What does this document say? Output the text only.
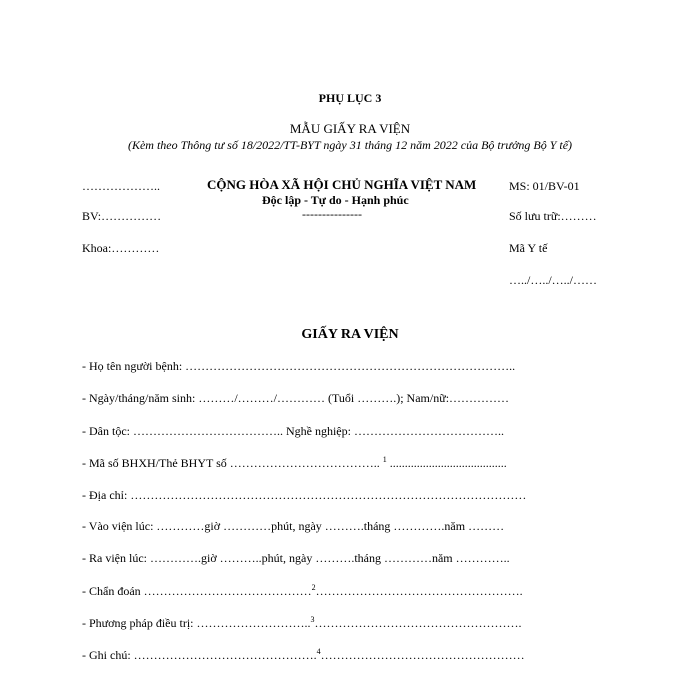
PHỤ LỤC 3
MẪU GIẤY RA VIỆN
(Kèm theo Thông tư số 18/2022/TT-BYT ngày 31 tháng 12 năm 2022 của Bộ trưởng Bộ Y tế)
………………..
BV:……………
Khoa:…………
CỘNG HÒA XÃ HỘI CHỦ NGHĨA VIỆT NAM
Độc lập - Tự do - Hạnh phúc
---------------
MS: 01/BV-01
Số lưu trữ:………
Mã Y tế
…../…../…../……
GIẤY RA VIỆN
- Họ tên người bệnh: ………………………………………………………………………..
- Ngày/tháng/năm sinh: ………/………/………… (Tuổi ……….); Nam/nữ:……………
- Dân tộc: ……………………………….. Nghề nghiệp: ………………………………..
- Mã số BHXH/Thẻ BHYT số ……………………………….. $^1$ .......................................
- Địa chỉ: ………………………………………………………………………………………
- Vào viện lúc: …………giờ …………phút, ngày ……….tháng ………….năm ………
- Ra viện lúc: ………….giờ ………..phút, ngày ……….tháng …………năm …………..
- Chẩn đoán ……………………………………$^2$…………………………………………….
- Phương pháp điều trị: ………………………..$^3$…………………………………………….
- Ghi chú: ……………………………………….$^4$……………………………………………
